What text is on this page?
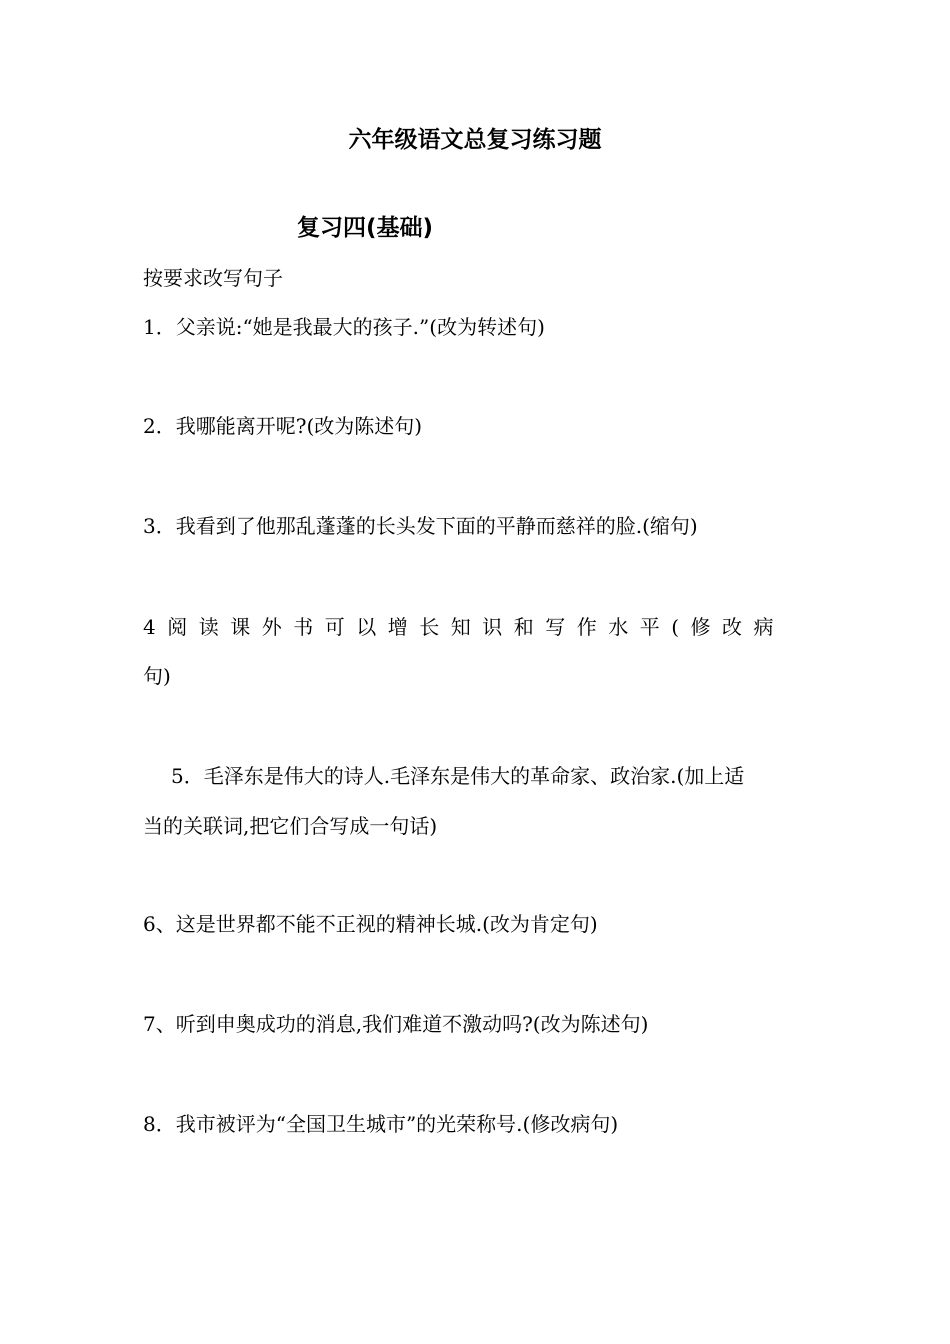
六年级语文总复习练习题
复习四(基础)

按要求改写句子

1．父亲说:“她是我最大的孩子.”(改为转述句)

2．我哪能离开呢?(改为陈述句)

3．我看到了他那乱蓬蓬的长头发下面的平静而慈祥的脸.(缩句)

4阅读课外书可以增长知识和写作水平(修改病

句)

5．毛泽东是伟大的诗人.毛泽东是伟大的革命家、政治家.(加上适

当的关联词,把它们合写成一句话)

6、这是世界都不能不正视的精神长城.(改为肯定句)

7、听到申奥成功的消息,我们难道不激动吗?(改为陈述句)

8．我市被评为“全国卫生城市”的光荣称号.(修改病句)
